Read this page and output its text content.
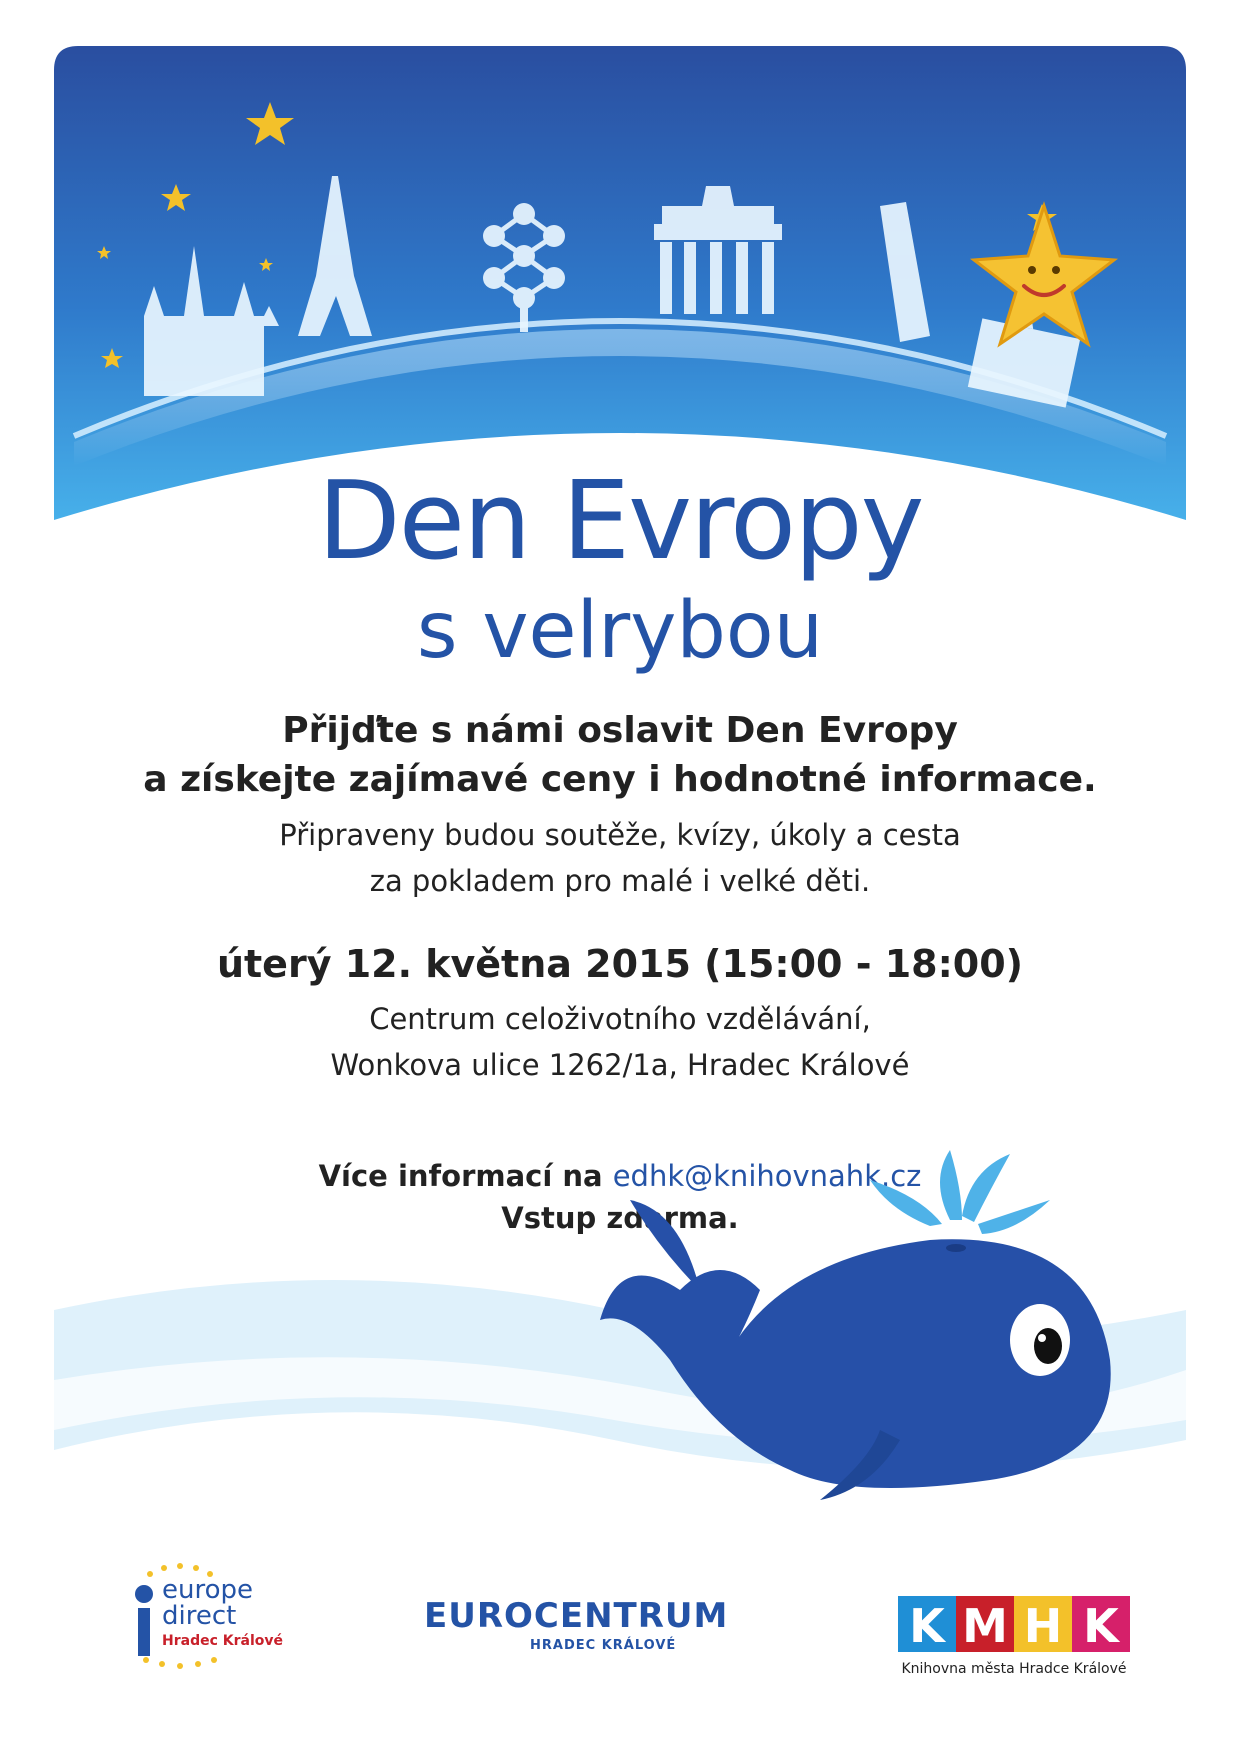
Den Evropy
s velrybou
Přijďte s námi oslavit Den Evropy
a získejte zajímavé ceny i hodnotné informace.
Připraveny budou soutěže, kvízy, úkoly a cesta
za pokladem pro malé i velké děti.
úterý 12. května 2015 (15:00 - 18:00)
Centrum celoživotního vzdělávání,
Wonkova ulice 1262/1a, Hradec Králové
Více informací na edhk@knihovnahk.cz
Vstup zdarma.
europe
direct
Hradec Králové
EUROCENTRUM
HRADEC KRÁLOVÉ	K M H K
Knihovna města Hradce Králové
